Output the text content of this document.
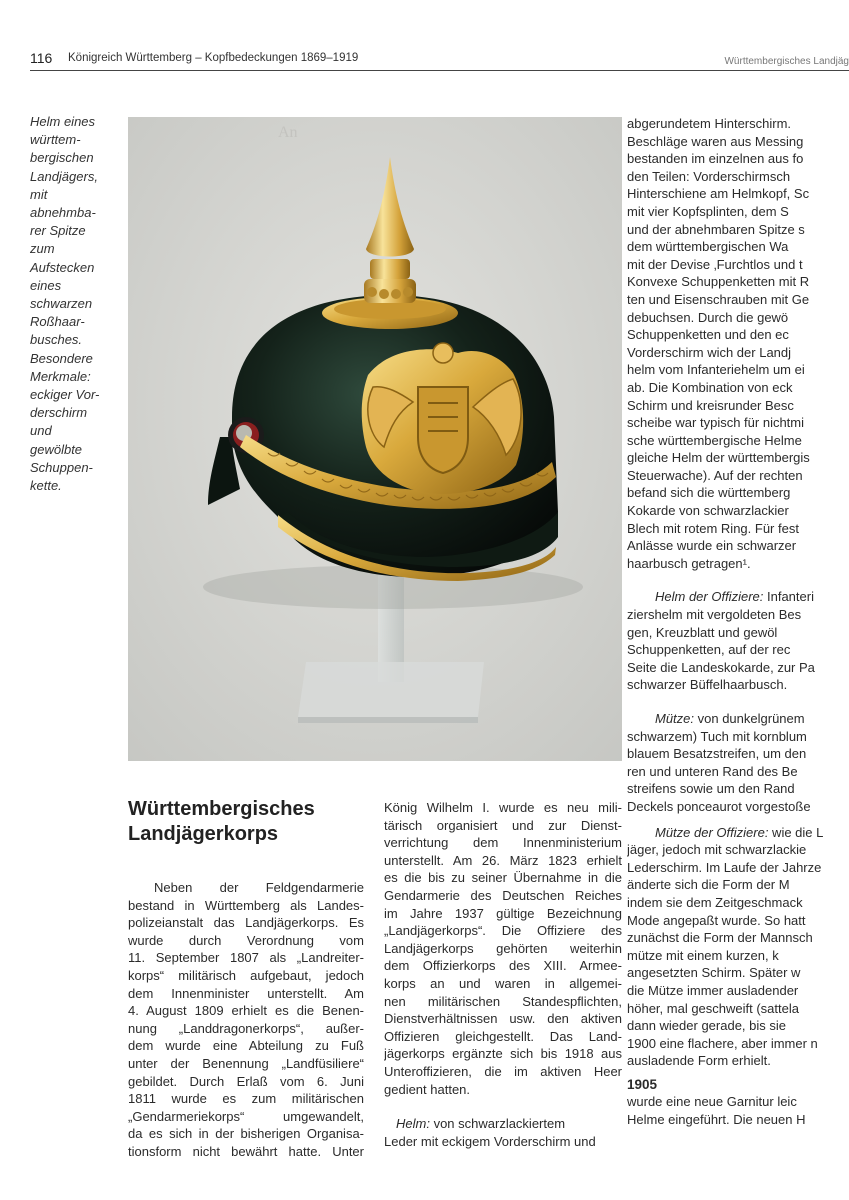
116 Königreich Württemberg – Kopfbedeckungen 1869–1919	Württembergisches Landjäg
Helm eines
württem-
bergischen
Landjägers,
mit
abnehmba-
rer Spitze
zum
Aufstecken
eines
schwarzen
Roßhaar-
busches.
Besondere
Merkmale:
eckiger Vor-
derschirm
und
gewölbte
Schuppen-
kette.
An
Württembergisches
Landjägerkorps
Neben der Feldgendarmerie
bestand in Württemberg als Landes-
polizeianstalt das Landjägerkorps. Es
wurde durch Verordnung vom
11. September 1807 als „Landreiter-
korps“ militärisch aufgebaut, jedoch
dem Innenminister unterstellt. Am
4. August 1809 erhielt es die Benen-
nung „Landdragonerkorps“, außer-
dem wurde eine Abteilung zu Fuß
unter der Benennung „Landfüsiliere“
gebildet. Durch Erlaß vom 6. Juni
1811 wurde es zum militärischen
„Gendarmeriekorps“ umgewandelt,
da es sich in der bisherigen Organisa-
tionsform nicht bewährt hatte. Unter
König Wilhelm I. wurde es neu mili-
tärisch organisiert und zur Dienst-
verrichtung dem Innenministerium
unterstellt. Am 26. März 1823 erhielt
es die bis zu seiner Übernahme in die
Gendarmerie des Deutschen Reiches
im Jahre 1937 gültige Bezeichnung
„Landjägerkorps“. Die Offiziere des
Landjägerkorps gehörten weiterhin
dem Offizierkorps des XIII. Armee-
korps an und waren in allgemei-
nen militärischen Standespflichten,
Dienstverhältnissen usw. den aktiven
Offizieren gleichgestellt. Das Land-
jägerkorps ergänzte sich bis 1918 aus
Unteroffizieren, die im aktiven Heer
gedient hatten.
Helm: von schwarzlackiertem
Leder mit eckigem Vorderschirm und
abgerundetem Hinterschirm.
Beschläge waren aus Messing
bestanden im einzelnen aus fo
den Teilen: Vorderschirmsch
Hinterschiene am Helmkopf, Sc
mit vier Kopfsplinten, dem S
und der abnehmbaren Spitze s
dem württembergischen Wa
mit der Devise ‚Furchtlos und t
Konvexe Schuppenketten mit R
ten und Eisenschrauben mit Ge
debuchsen. Durch die gewö
Schuppenketten und den ec
Vorderschirm wich der Landj
helm vom Infanteriehelm um ei
ab. Die Kombination von eck
Schirm und kreisrunder Besc
scheibe war typisch für nichtmi
sche württembergische Helme
gleiche Helm der württembergis
Steuerwache). Auf der rechten
befand sich die württemberg
Kokarde von schwarzlackier
Blech mit rotem Ring. Für fest
Anlässe wurde ein schwarzer
haarbusch getragen¹.
Helm der Offiziere: Infanteri
ziershelm mit vergoldeten Bes
gen, Kreuzblatt und gewöl
Schuppenketten, auf der rec
Seite die Landeskokarde, zur Pa
schwarzer Büffelhaarbusch.
Mütze: von dunkelgrünem
schwarzem) Tuch mit kornblum
blauem Besatzstreifen, um den
ren und unteren Rand des Be
streifens sowie um den Rand
Deckels ponceaurot vorgestoße
Mütze der Offiziere: wie die L
jäger, jedoch mit schwarzlackie
Lederschirm. Im Laufe der Jahrze
änderte sich die Form der M
indem sie dem Zeitgeschmack
Mode angepaßt wurde. So hatt
zunächst die Form der Mannsch
mütze mit einem kurzen, k
angesetzten Schirm. Später w
die Mütze immer ausladender
höher, mal geschweift (sattela
dann wieder gerade, bis sie
1900 eine flachere, aber immer n
ausladende Form erhielt.
1905
wurde eine neue Garnitur leic
Helme eingeführt. Die neuen H
